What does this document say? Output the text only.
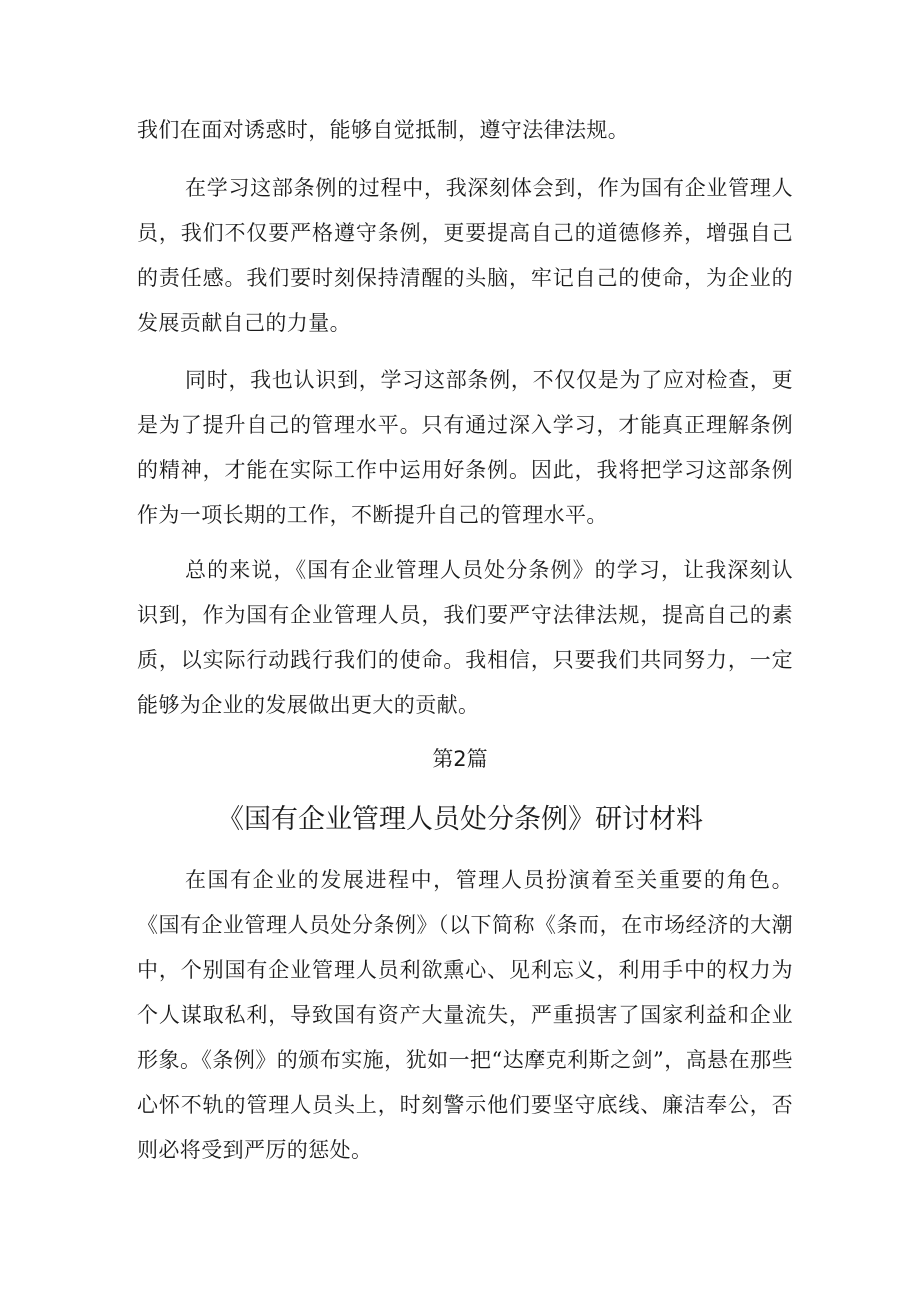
我们在面对诱惑时，能够自觉抵制，遵守法律法规。

在学习这部条例的过程中，我深刻体会到，作为国有企业管理人员，我们不仅要严格遵守条例，更要提高自己的道德修养，增强自己的责任感。我们要时刻保持清醒的头脑，牢记自己的使命，为企业的发展贡献自己的力量。

同时，我也认识到，学习这部条例，不仅仅是为了应对检查，更是为了提升自己的管理水平。只有通过深入学习，才能真正理解条例的精神，才能在实际工作中运用好条例。因此，我将把学习这部条例作为一项长期的工作，不断提升自己的管理水平。

总的来说，《国有企业管理人员处分条例》的学习，让我深刻认识到，作为国有企业管理人员，我们要严守法律法规，提高自己的素质，以实际行动践行我们的使命。我相信，只要我们共同努力，一定能够为企业的发展做出更大的贡献。

第2篇

《国有企业管理人员处分条例》研讨材料

在国有企业的发展进程中，管理人员扮演着至关重要的角色。《国有企业管理人员处分条例》（以下简称《条而，在市场经济的大潮中，个别国有企业管理人员利欲熏心、见利忘义，利用手中的权力为个人谋取私利，导致国有资产大量流失，严重损害了国家利益和企业形象。《条例》的颁布实施，犹如一把“达摩克利斯之剑”，高悬在那些心怀不轨的管理人员头上，时刻警示他们要坚守底线、廉洁奉公，否则必将受到严厉的惩处。
